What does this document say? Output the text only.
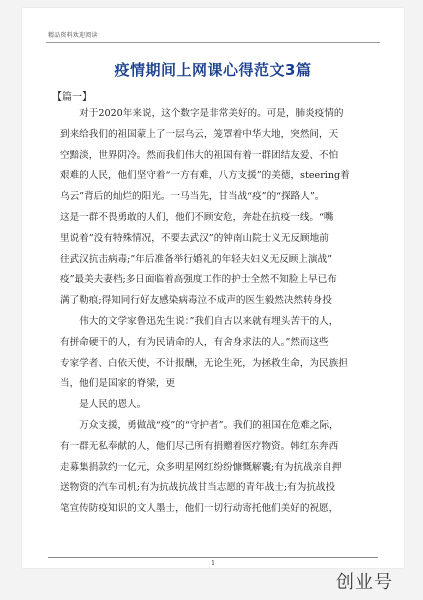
精品资料欢迎阅读
疫情期间上网课心得范文3篇
【篇一】

对于2020年来说，这个数字是非常美好的。可是，肺炎疫情的

到来给我们的祖国蒙上了一层乌云，笼罩着中华大地，突然间，天

空黯淡，世界阴冷。然而我们伟大的祖国有着一群团结友爱、不怕

艰难的人民，他们坚守着“一方有难，八方支援”的美德，steering着

乌云”背后的灿烂的阳光。一马当先，甘当战“疫”的“探路人”。

这是一群不畏勇敢的人们，他们不顾安危，奔赴在抗疫一线。“嘴

里说着”没有特殊情况，不要去武汉”的钟南山院士义无反顾地前

往武汉抗击病毒;”年后准备举行婚礼的年轻夫妇义无反顾上演战”

疫”最美夫妻档;多日面临着高强度工作的护士全然不知脸上早已布

满了勒痕;得知同行好友感染病毒泣不成声的医生毅然决然转身投

伟大的文学家鲁迅先生说：”我们自古以来就有埋头苦干的人，

有拼命硬干的人，有为民请命的人，有舍身求法的人。”然而这些

专家学者、白依天使，不计报酬，无论生死，为拯救生命，为民族担

当，他们是国家的脊梁，更

是人民的恩人。

万众支援，勇做战“疫”的“守护者”。我们的祖国在危难之际，

有一群无私奉献的人，他们尽己所有捐赠着医疗物资。韩红东奔西

走募集捐款约一亿元，众多明星网红纷纷慷慨解囊;有为抗战亲自押

送物资的汽车司机;有为抗战抗战甘当志愿的青年战士;有为抗战投

笔宣传防疫知识的文人墨士，他们一切行动寄托他们美好的祝愿，

1
创业号
